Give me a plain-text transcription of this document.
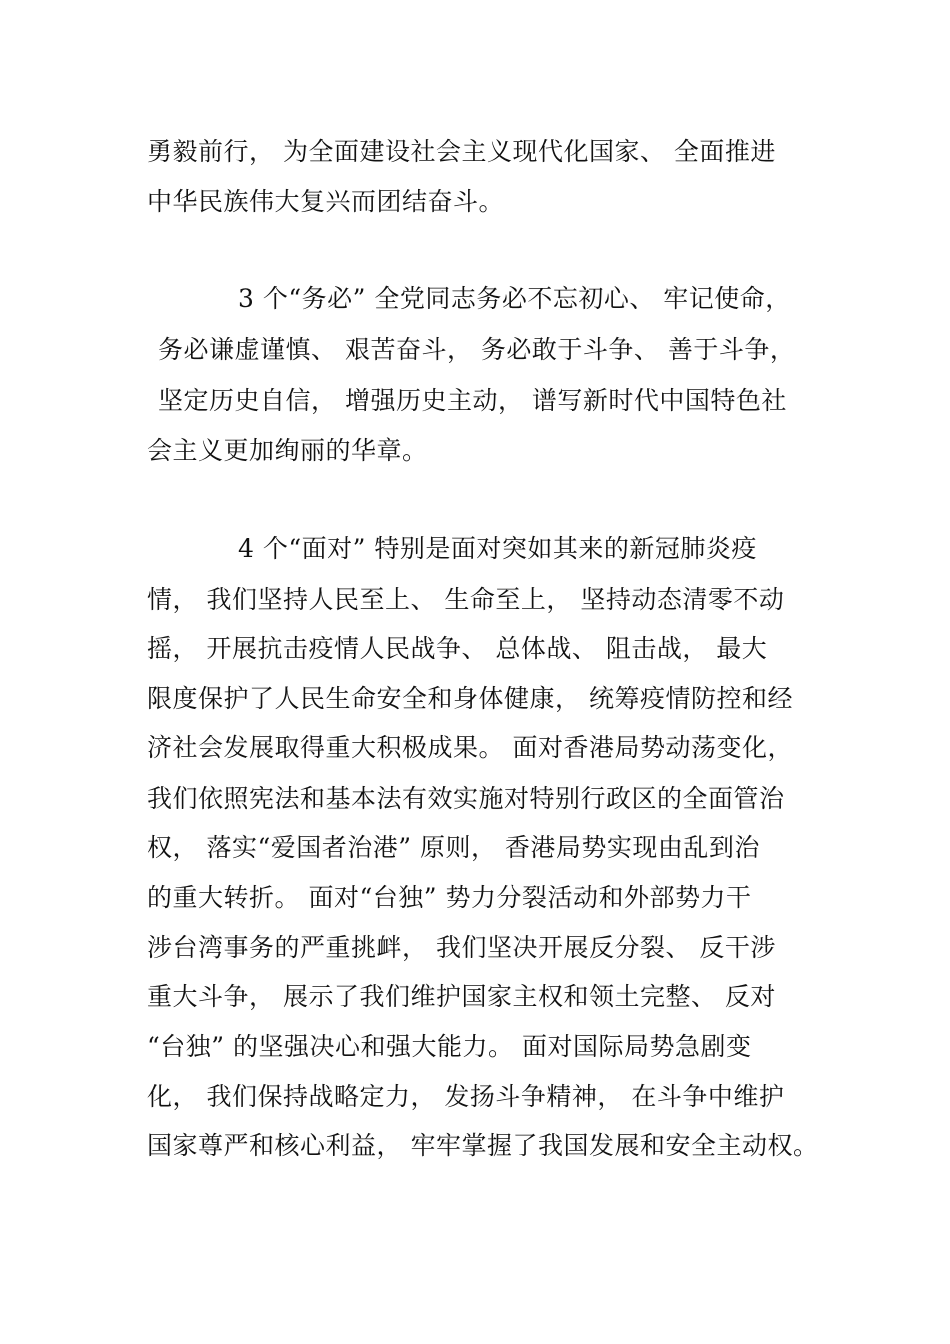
勇毅前行， 为全面建设社会主义现代化国家、 全面推进
中华民族伟大复兴而团结奋斗。
3 个“务必” 全党同志务必不忘初心、 牢记使命，
务必谦虚谨慎、 艰苦奋斗， 务必敢于斗争、 善于斗争，
坚定历史自信， 增强历史主动， 谱写新时代中国特色社
会主义更加绚丽的华章。
4 个“面对” 特别是面对突如其来的新冠肺炎疫
情， 我们坚持人民至上、 生命至上， 坚持动态清零不动
摇， 开展抗击疫情人民战争、 总体战、 阻击战， 最大
限度保护了人民生命安全和身体健康， 统筹疫情防控和经
济社会发展取得重大积极成果。 面对香港局势动荡变化，
我们依照宪法和基本法有效实施对特别行政区的全面管治
权， 落实“爱国者治港” 原则， 香港局势实现由乱到治
的重大转折。 面对“台独” 势力分裂活动和外部势力干
涉台湾事务的严重挑衅， 我们坚决开展反分裂、 反干涉
重大斗争， 展示了我们维护国家主权和领土完整、 反对
“台独” 的坚强决心和强大能力。 面对国际局势急剧变
化， 我们保持战略定力， 发扬斗争精神， 在斗争中维护
国家尊严和核心利益， 牢牢掌握了我国发展和安全主动权。
